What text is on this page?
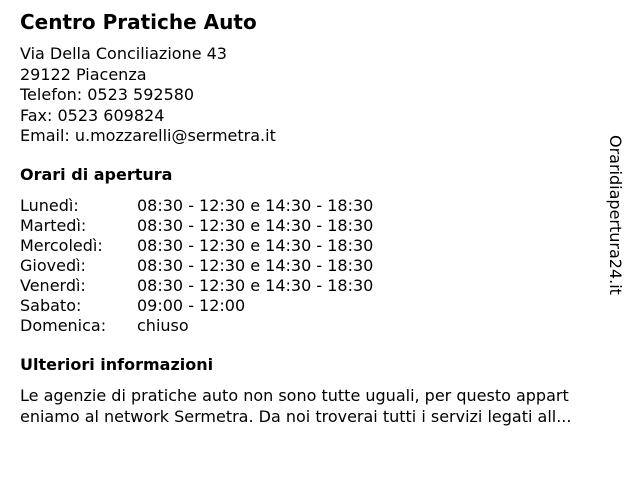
Centro Pratiche Auto
Via Della Conciliazione 43
29122 Piacenza
Telefon: 0523 592580
Fax: 0523 609824
Email: u.mozzarelli@sermetra.it
Orari di apertura
Lunedì:	08:30 - 12:30 e 14:30 - 18:30
Martedì:	08:30 - 12:30 e 14:30 - 18:30
Mercoledì:	08:30 - 12:30 e 14:30 - 18:30
Giovedì:	08:30 - 12:30 e 14:30 - 18:30
Venerdì:	08:30 - 12:30 e 14:30 - 18:30
Sabato:	09:00 - 12:00
Domenica:	chiuso
Ulteriori informazioni
Le agenzie di pratiche auto non sono tutte uguali, per questo appart
eniamo al network Sermetra. Da noi troverai tutti i servizi legati all...
Oraridiapertura24.it
